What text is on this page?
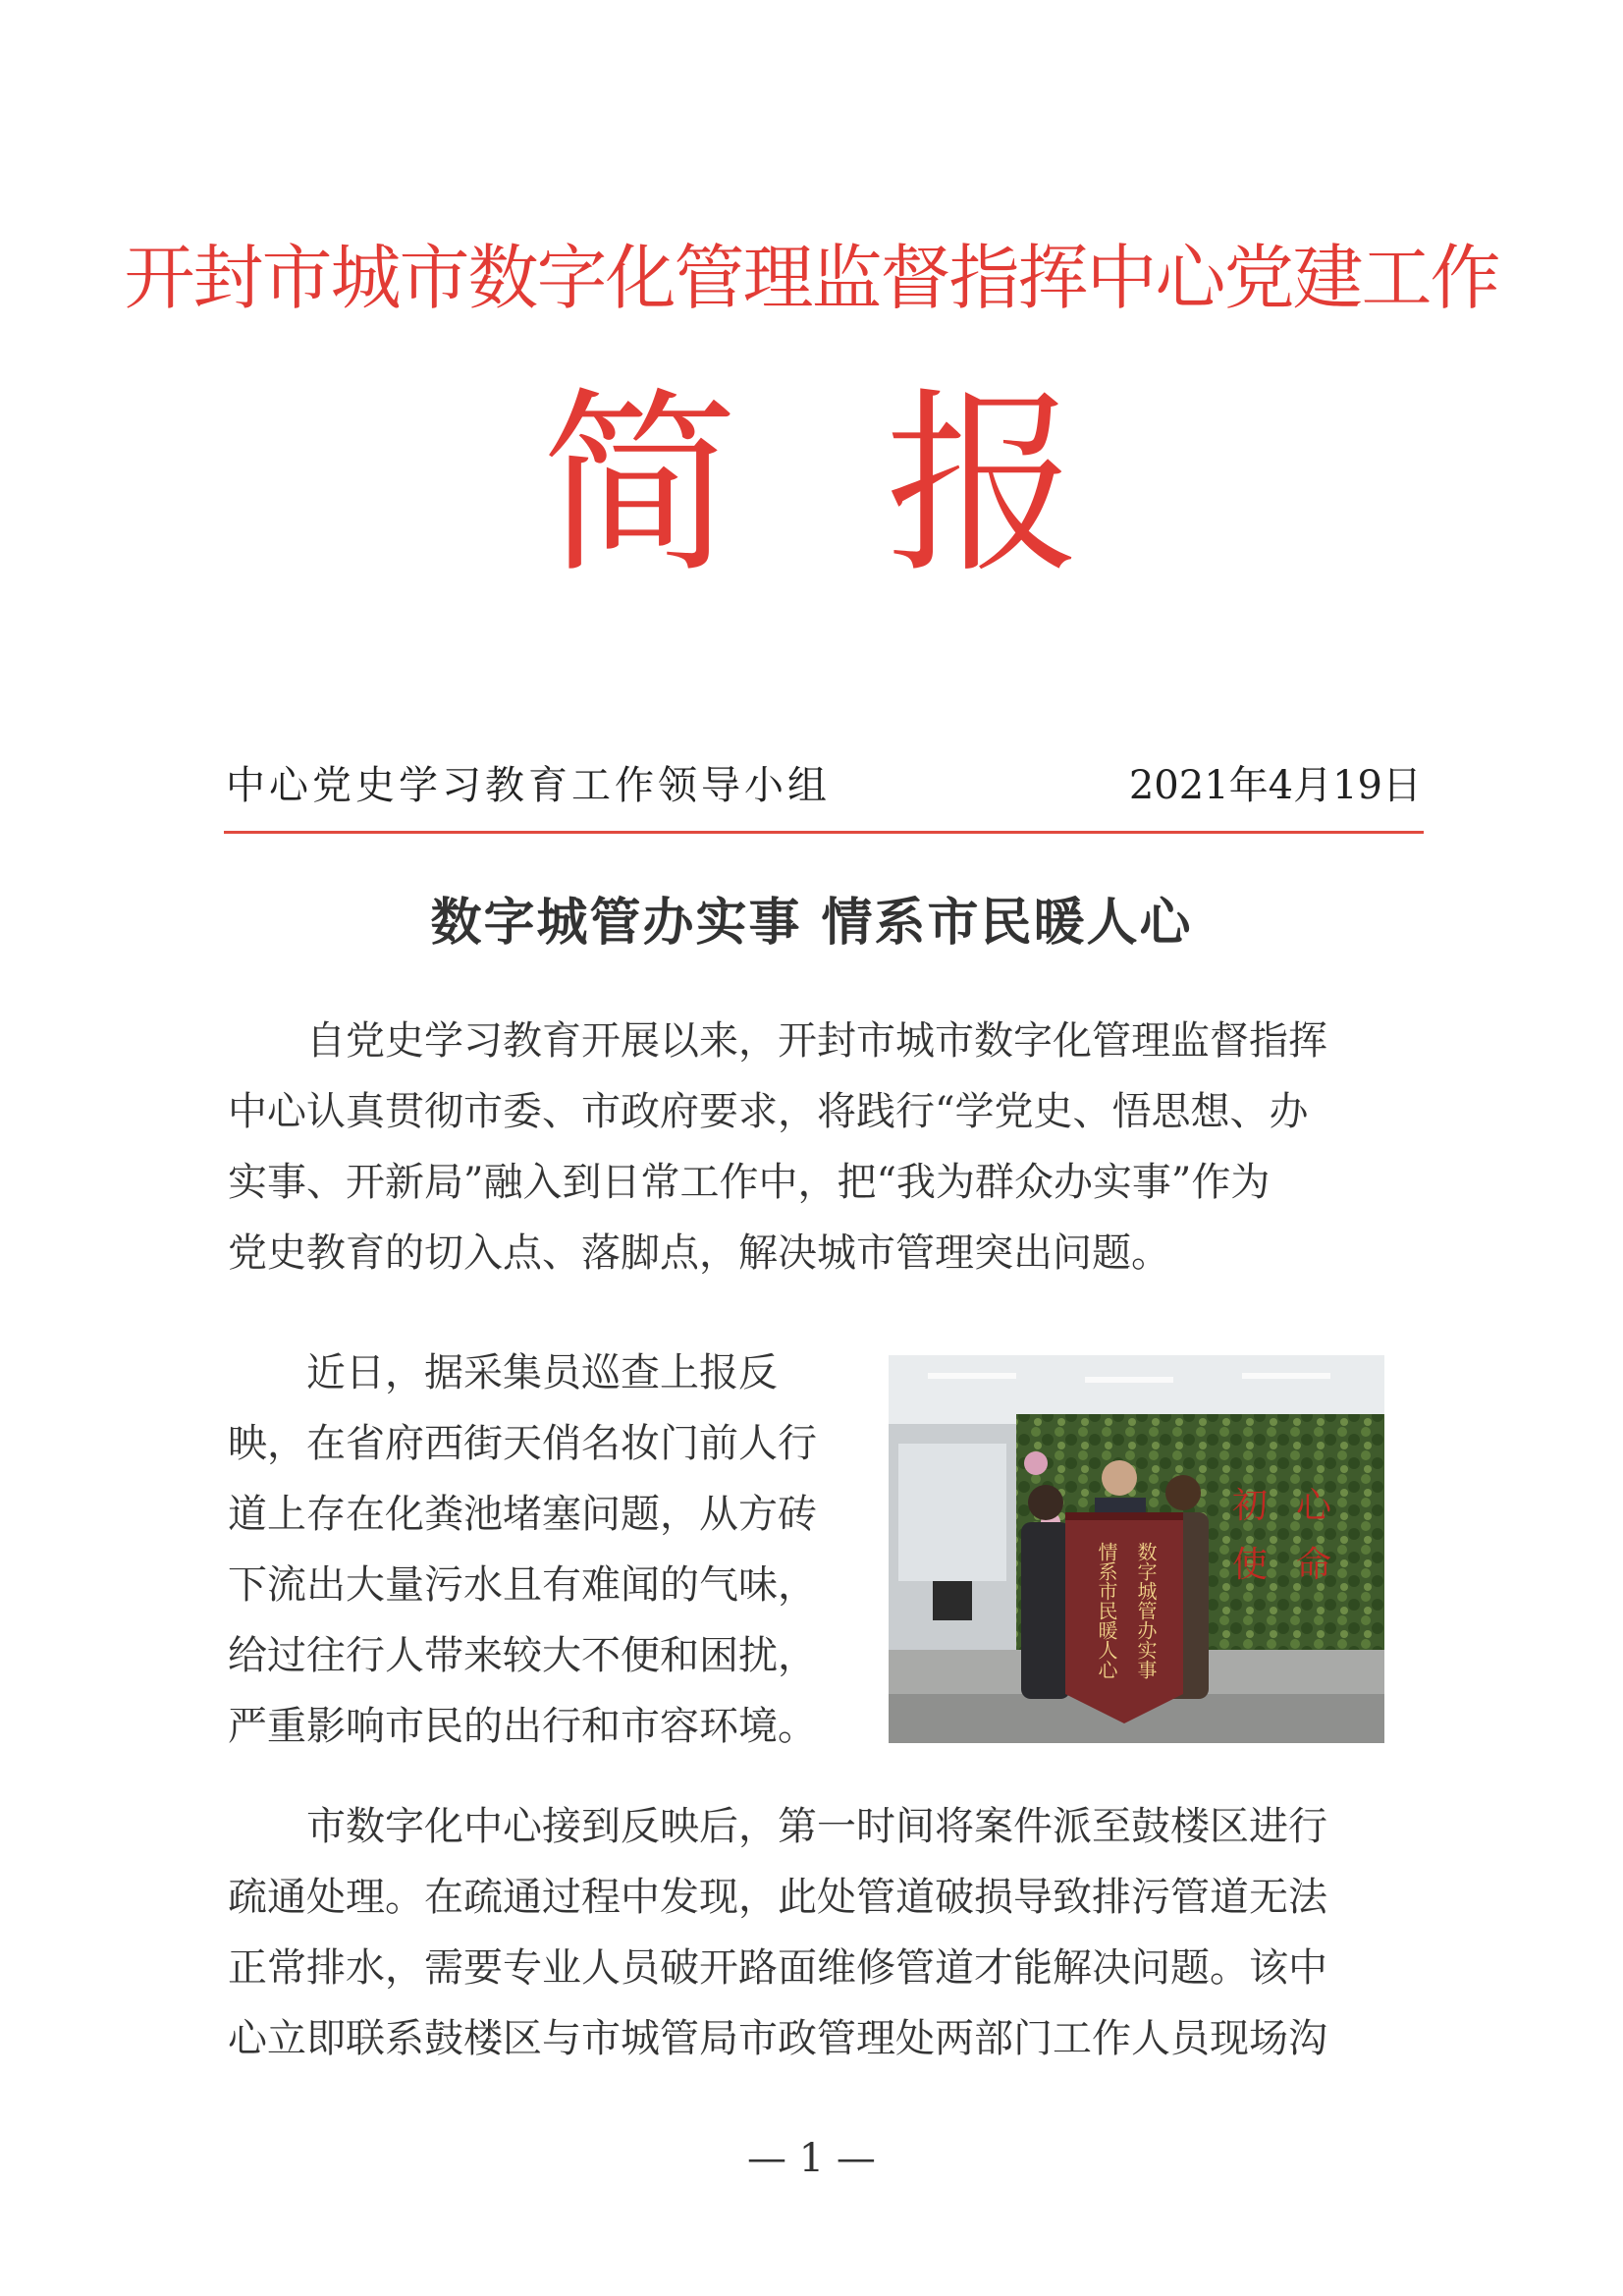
开封市城市数字化管理监督指挥中心党建工作
简报
中心党史学习教育工作领导小组	2021年4月19日
数字城管办实事 情系市民暖人心
　　自党史学习教育开展以来，开封市城市数字化管理监督指挥
中心认真贯彻市委、市政府要求，将践行“学党史、悟思想、办
实事、开新局”融入到日常工作中，把“我为群众办实事”作为
党史教育的切入点、落脚点，解决城市管理突出问题。
　　近日，据采集员巡查上报反
映，在省府西街天俏名妆门前人行
道上存在化粪池堵塞问题，从方砖
下流出大量污水且有难闻的气味，
给过往行人带来较大不便和困扰，
严重影响市民的出行和市容环境。
初 心
使 命
数字城管办实事
情系市民暖人心
　　市数字化中心接到反映后，第一时间将案件派至鼓楼区进行
疏通处理。在疏通过程中发现，此处管道破损导致排污管道无法
正常排水，需要专业人员破开路面维修管道才能解决问题。该中
心立即联系鼓楼区与市城管局市政管理处两部门工作人员现场沟
— 1 —
